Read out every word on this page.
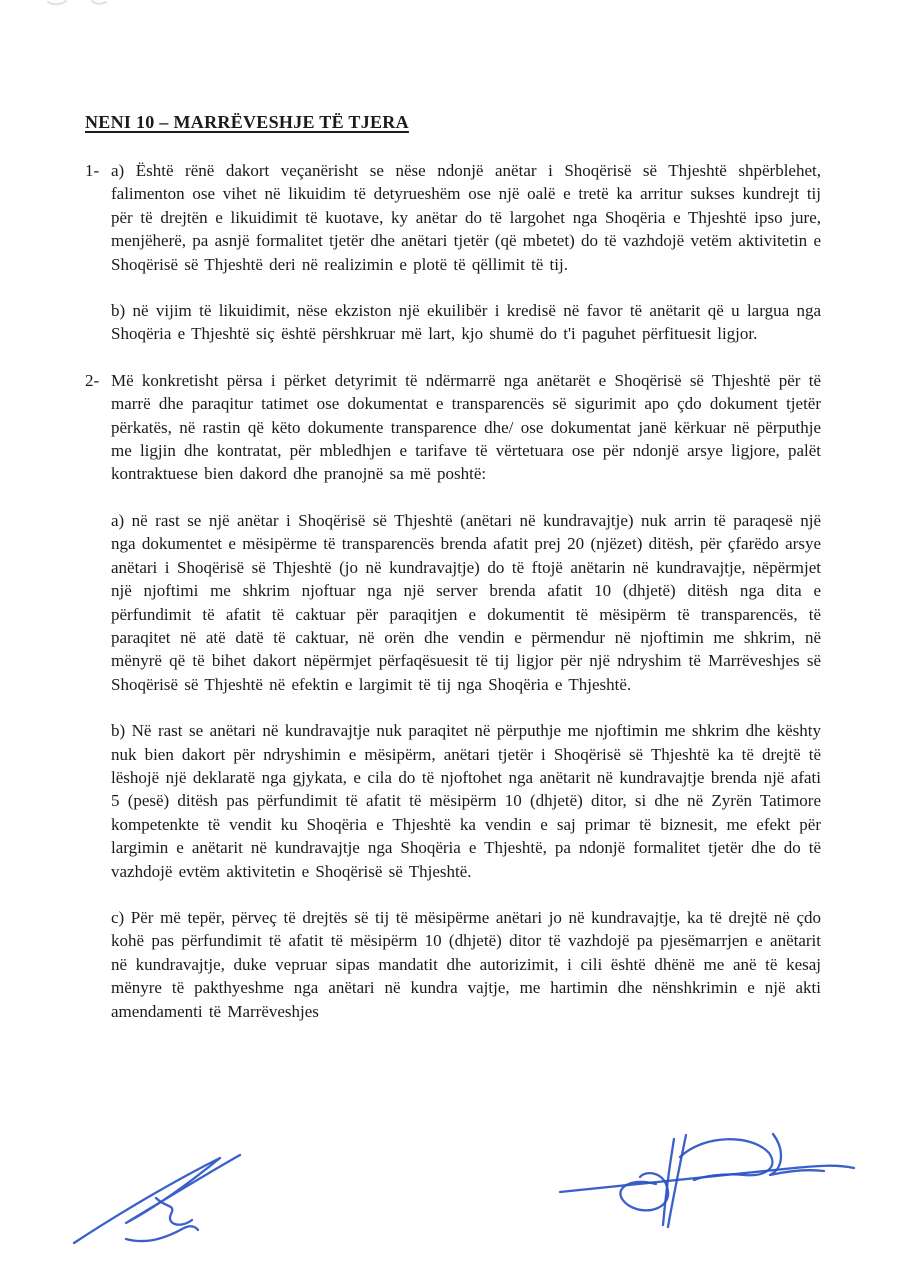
NENI 10 – MARRËVESHJE TË TJERA
1- a) Është rënë dakort veçanërisht se nëse ndonjë anëtar i Shoqërisë së Thjeshtë shpërblehet, falimenton ose vihet në likuidim të detyrueshëm ose një oalë e tretë ka arritur sukses kundrejt tij për të drejtën e likuidimit të kuotave, ky anëtar do të largohet nga Shoqëria e Thjeshtë ipso jure, menjëherë, pa asnjë formalitet tjetër dhe anëtari tjetër (që mbetet) do të vazhdojë vetëm aktivitetin e Shoqërisë së Thjeshtë deri në realizimin e plotë të qëllimit të tij.

b) në vijim të likuidimit, nëse ekziston një ekuilibër i kredisë në favor të anëtarit që u largua nga Shoqëria e Thjeshtë siç është përshkruar më lart, kjo shumë do t'i paguhet përfituesit ligjor.

2- Më konkretisht përsa i përket detyrimit të ndërmarrë nga anëtarët e Shoqërisë së Thjeshtë për të marrë dhe paraqitur tatimet ose dokumentat e transparencës së sigurimit apo çdo dokument tjetër përkatës, në rastin që këto dokumente transparence dhe/ ose dokumentat janë kërkuar në përputhje me ligjin dhe kontratat, për mbledhjen e tarifave të vërtetuara ose për ndonjë arsye ligjore, palët kontraktuese bien dakord dhe pranojnë sa më poshtë:

a) në rast se një anëtar i Shoqërisë së Thjeshtë (anëtari në kundravajtje) nuk arrin të paraqesë një nga dokumentet e mësipërme të transparencës brenda afatit prej 20 (njëzet) ditësh, për çfarëdo arsye anëtari i Shoqërisë së Thjeshtë (jo në kundravajtje) do të ftojë anëtarin në kundravajtje, nëpërmjet një njoftimi me shkrim njoftuar nga një server brenda afatit 10 (dhjetë) ditësh nga dita e përfundimit të afatit të caktuar për paraqitjen e dokumentit të mësipërm të transparencës, të paraqitet në atë datë të caktuar, në orën dhe vendin e përmendur në njoftimin me shkrim, në mënyrë që të bihet dakort nëpërmjet përfaqësuesit të tij ligjor për një ndryshim të Marrëveshjes së Shoqërisë së Thjeshtë në efektin e largimit të tij nga Shoqëria e Thjeshtë.

b) Në rast se anëtari në kundravajtje nuk paraqitet në përputhje me njoftimin me shkrim dhe kështy nuk bien dakort për ndryshimin e mësipërm, anëtari tjetër i Shoqërisë së Thjeshtë ka të drejtë të lëshojë një deklaratë nga gjykata, e cila do të njoftohet nga anëtarit në kundravajtje brenda një afati 5 (pesë) ditësh pas përfundimit të afatit të mësipërm 10 (dhjetë) ditor, si dhe në Zyrën Tatimore kompetenkte të vendit ku Shoqëria e Thjeshtë ka vendin e saj primar të biznesit, me efekt për largimin e anëtarit në kundravajtje nga Shoqëria e Thjeshtë, pa ndonjë formalitet tjetër dhe do të vazhdojë evtëm aktivitetin e Shoqërisë së Thjeshtë.

c) Për më tepër, përveç të drejtës së tij të mësipërme anëtari jo në kundravajtje, ka të drejtë në çdo kohë pas përfundimit të afatit të mësipërm 10 (dhjetë) ditor të vazhdojë pa pjesëmarrjen e anëtarit në kundravajtje, duke vepruar sipas mandatit dhe autorizimit, i cili është dhënë me anë të kesaj mënyre të pakthyeshme nga anëtari në kundra vajtje, me hartimin dhe nënshkrimin e një akti amendamenti të Marrëveshjes
